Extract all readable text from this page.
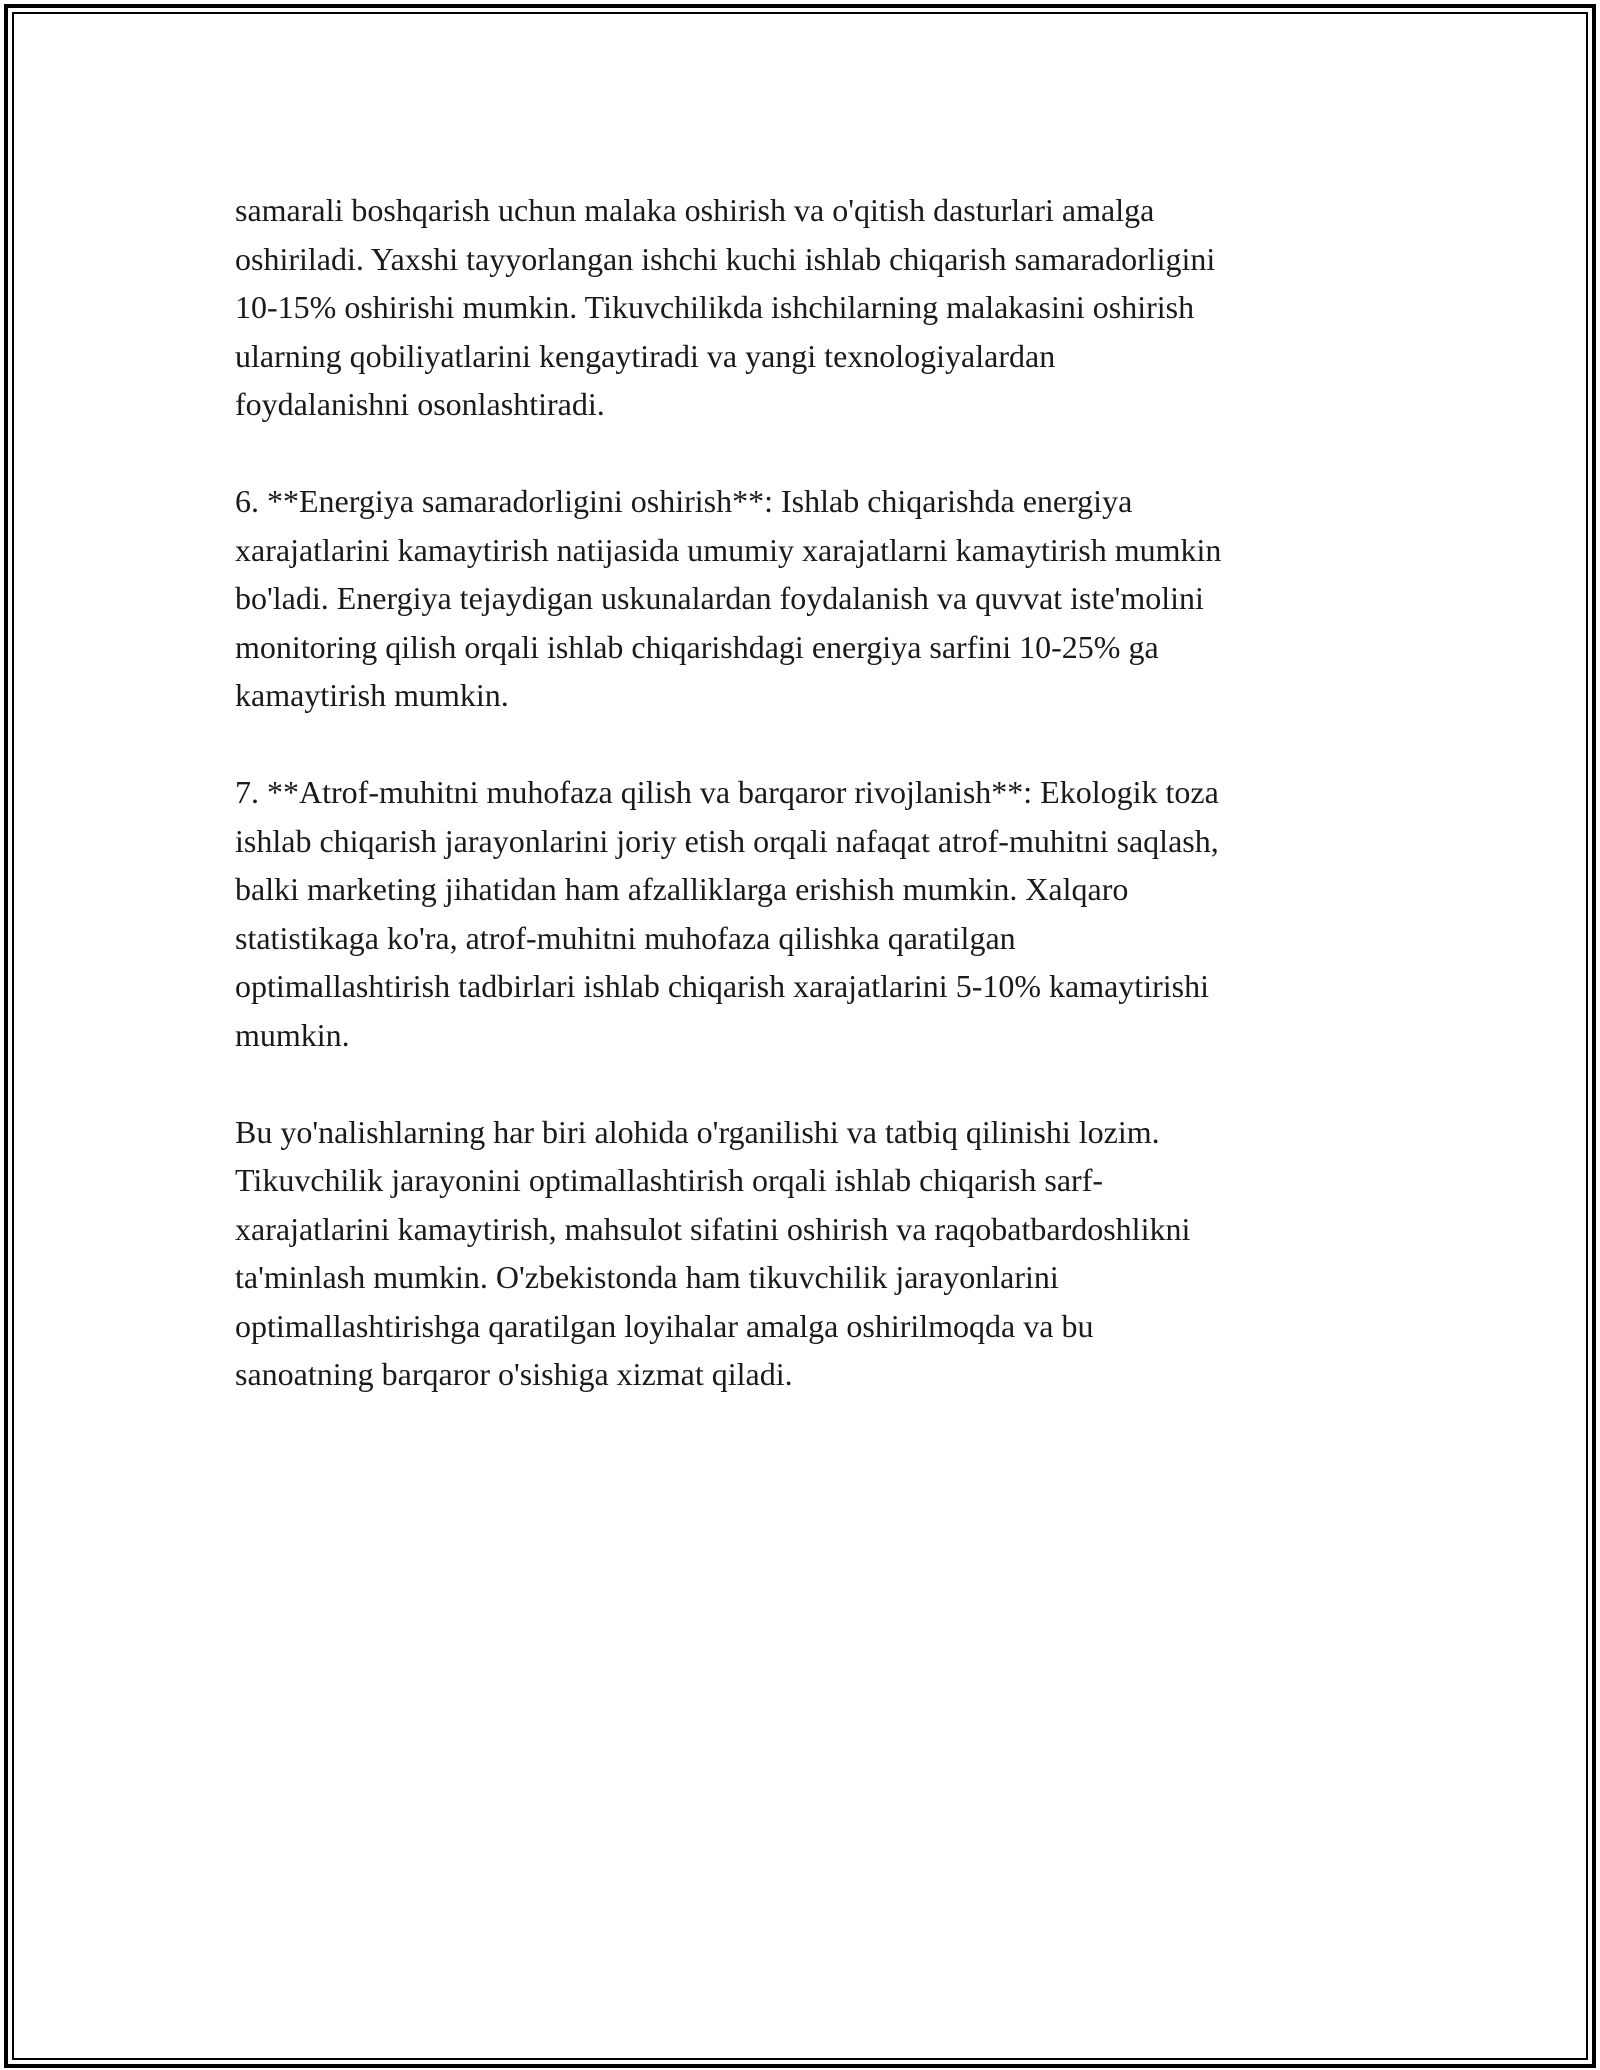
samarali boshqarish uchun malaka oshirish va o'qitish dasturlari amalga
oshiriladi. Yaxshi tayyorlangan ishchi kuchi ishlab chiqarish samaradorligini
10-15% oshirishi mumkin. Tikuvchilikda ishchilarning malakasini oshirish
ularning qobiliyatlarini kengaytiradi va yangi texnologiyalardan
foydalanishni osonlashtiradi.

6. **Energiya samaradorligini oshirish**: Ishlab chiqarishda energiya
xarajatlarini kamaytirish natijasida umumiy xarajatlarni kamaytirish mumkin
bo'ladi. Energiya tejaydigan uskunalardan foydalanish va quvvat iste'molini
monitoring qilish orqali ishlab chiqarishdagi energiya sarfini 10-25% ga
kamaytirish mumkin.

7. **Atrof-muhitni muhofaza qilish va barqaror rivojlanish**: Ekologik toza
ishlab chiqarish jarayonlarini joriy etish orqali nafaqat atrof-muhitni saqlash,
balki marketing jihatidan ham afzalliklarga erishish mumkin. Xalqaro
statistikaga ko'ra, atrof-muhitni muhofaza qilishka qaratilgan
optimallashtirish tadbirlari ishlab chiqarish xarajatlarini 5-10% kamaytirishi
mumkin.

Bu yo'nalishlarning har biri alohida o'rganilishi va tatbiq qilinishi lozim.
Tikuvchilik jarayonini optimallashtirish orqali ishlab chiqarish sarf-
xarajatlarini kamaytirish, mahsulot sifatini oshirish va raqobatbardoshlikni
ta'minlash mumkin. O'zbekistonda ham tikuvchilik jarayonlarini
optimallashtirishga qaratilgan loyihalar amalga oshirilmoqda va bu
sanoatning barqaror o'sishiga xizmat qiladi.
